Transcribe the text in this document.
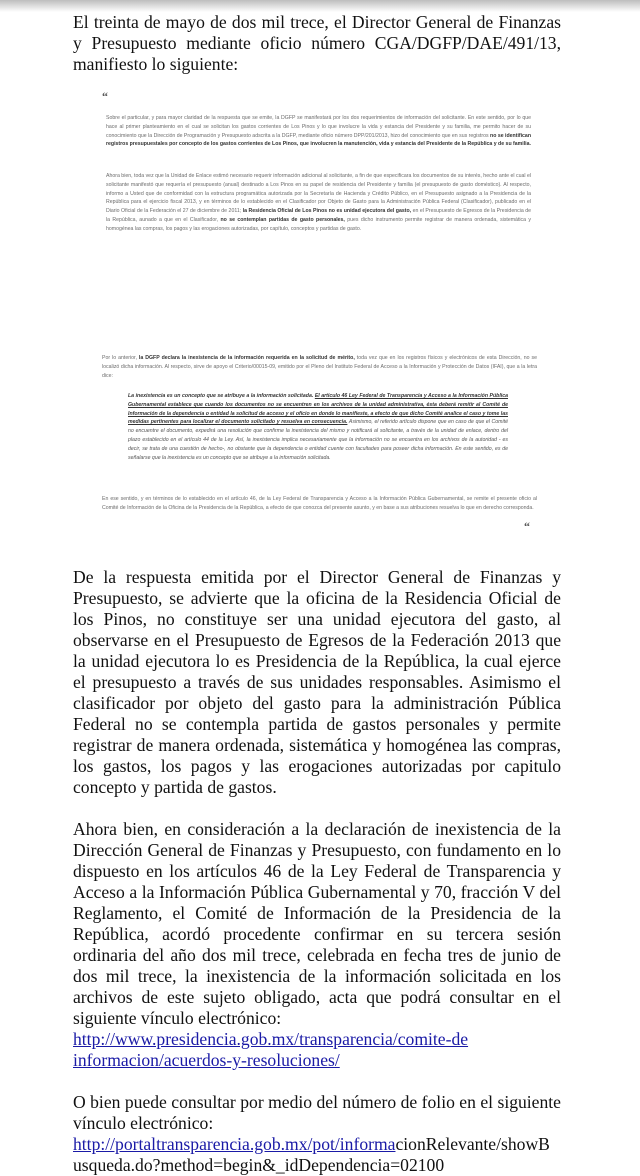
El treinta de mayo de dos mil trece, el Director General de Finanzas y Presupuesto mediante oficio número CGA/DGFP/DAE/491/13, manifiesto lo siguiente:

“

Sobre el particular, y para mayor claridad de la respuesta que se emite, la DGFP se manifestará por los dos requerimientos de información del solicitante. En este sentido, por lo que hace al primer planteamiento en el cual se solicitan los gastos corrientes de Los Pinos y lo que involucre la vida y estancia del Presidente y su familia, me permito hacer de su conocimiento que la Dirección de Programación y Presupuesto adscrita a la DGFP, mediante oficio número DPP/201/2013, hizo del conocimiento que en sus registros no se identifican registros presupuestales por concepto de los gastos corrientes de Los Pinos, que involucren la manutención, vida y estancia del Presidente de la República y de su familia.

Ahora bien, toda vez que la Unidad de Enlace estimó necesario requerir información adicional al solicitante, a fin de que especificara los documentos de su interés, hecho ante el cual el solicitante manifestó que requería el presupuesto (anual) destinado a Los Pinos en su papel de residencia del Presidente y familia (el presupuesto de gasto doméstico). Al respecto, informo a Usted que de conformidad con la estructura programática autorizada por la Secretaría de Hacienda y Crédito Público, en el Presupuesto asignado a la Presidencia de la República para el ejercicio fiscal 2013, y en términos de lo establecido en el Clasificador por Objeto de Gasto para la Administración Pública Federal (Clasificador), publicado en el Diario Oficial de la Federación el 27 de diciembre de 2011; la Residencia Oficial de Los Pinos no es unidad ejecutora del gasto, en el Presupuesto de Egresos de la Presidencia de la República, aunado a que en el Clasificador, no se contemplan partidas de gasto personales, pues dicho instrumento permite registrar de manera ordenada, sistemática y homogénea las compras, los pagos y las erogaciones autorizadas, por capítulo, conceptos y partidas de gasto.

Por lo anterior, la DGFP declara la inexistencia de la información requerida en la solicitud de mérito, toda vez que en los registros físicos y electrónicos de esta Dirección, no se localizó dicha información. Al respecto, sirve de apoyo el Criterio/00015-09, emitido por el Pleno del Instituto Federal de Acceso a la Información y Protección de Datos (IFAI), que a la letra dice:

La inexistencia es un concepto que se atribuye a la información solicitada. El artículo 46 Ley Federal de Transparencia y Acceso a la Información Pública Gubernamental establece que cuando los documentos no se encuentren en los archivos de la unidad administrativa, ésta deberá remitir al Comité de Información de la dependencia o entidad la solicitud de acceso y el oficio en donde lo manifieste, a efecto de que dicho Comité analice el caso y tome las medidas pertinentes para localizar el documento solicitado y resuelva en consecuencia. Asimismo, el referido artículo dispone que en caso de que el Comité no encuentre el documento, expedirá una resolución que confirme la inexistencia del mismo y notificará al solicitante, a través de la unidad de enlace, dentro del plazo establecido en el artículo 44 de la Ley. Así, la inexistencia implica necesariamente que la información no se encuentra en los archivos de la autoridad - es decir, se trata de una cuestión de hecho-, no obstante que la dependencia o entidad cuente con facultades para poseer dicha información. En este sentido, es de señalarse que la inexistencia es un concepto que se atribuye a la información solicitada.

En ese sentido, y en términos de lo establecido en el artículo 46, de la Ley Federal de Transparencia y Acceso a la Información Pública Gubernamental, se remite el presente oficio al Comité de Información de la Oficina de la Presidencia de la República, a efecto de que conozca del presente asunto, y en base a sus atribuciones resuelva lo que en derecho corresponda.

“

De la respuesta emitida por el Director General de Finanzas y Presupuesto, se advierte que la oficina de la Residencia Oficial de los Pinos, no constituye ser una unidad ejecutora del gasto, al observarse en el Presupuesto de Egresos de la Federación 2013 que la unidad ejecutora lo es Presidencia de la República, la cual ejerce el presupuesto a través de sus unidades responsables. Asimismo el clasificador por objeto del gasto para la administración Pública Federal no se contempla partida de gastos personales y permite registrar de manera ordenada, sistemática y homogénea las compras, los gastos, los pagos y las erogaciones autorizadas por capitulo concepto y partida de gastos.

Ahora bien, en consideración a la declaración de inexistencia de la Dirección General de Finanzas y Presupuesto, con fundamento en lo dispuesto en los artículos 46 de la Ley Federal de Transparencia y Acceso a la Información Pública Gubernamental y 70, fracción V del Reglamento, el Comité de Información de la Presidencia de la República, acordó procedente confirmar en su tercera sesión ordinaria del año dos mil trece, celebrada en fecha tres de junio de dos mil trece, la inexistencia de la información solicitada en los archivos de este sujeto obligado, acta que podrá consultar en el siguiente vínculo electrónico:

http://www.presidencia.gob.mx/transparencia/comite-de
informacion/acuerdos-y-resoluciones/

O bien puede consultar por medio del número de folio en el siguiente vínculo electrónico:

http://portaltransparencia.gob.mx/pot/informacionRelevante/showB
usqueda.do?method=begin&_idDependencia=02100
